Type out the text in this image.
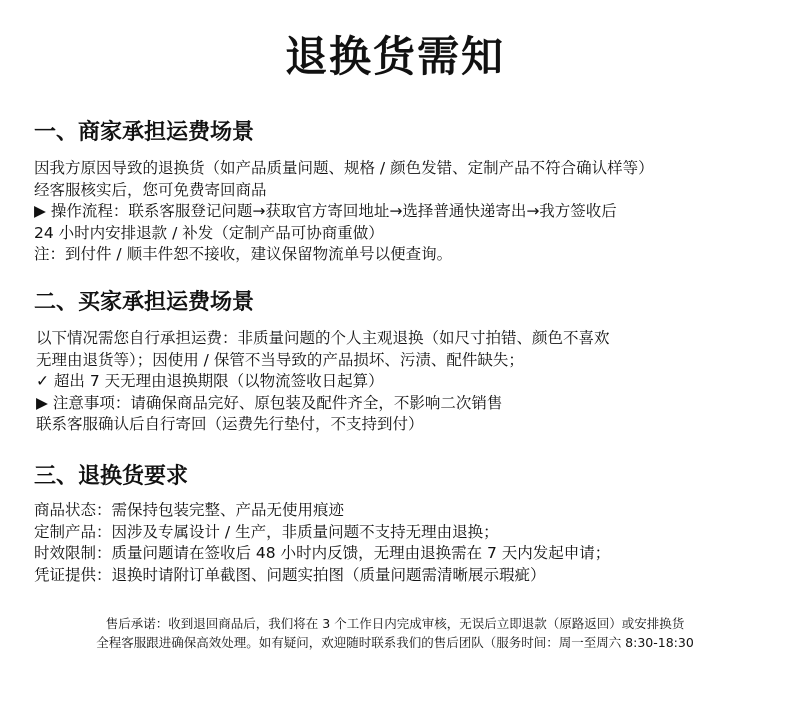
退换货需知
一、商家承担运费场景
因我方原因导致的退换货（如产品质量问题、规格 / 颜色发错、定制产品不符合确认样等）
经客服核实后，您可免费寄回商品
▶ 操作流程：联系客服登记问题→获取官方寄回地址→选择普通快递寄出→我方签收后
24 小时内安排退款 / 补发（定制产品可协商重做）
注：到付件 / 顺丰件恕不接收，建议保留物流单号以便查询。
二、买家承担运费场景
以下情况需您自行承担运费：非质量问题的个人主观退换（如尺寸拍错、颜色不喜欢
无理由退货等）；因使用 / 保管不当导致的产品损坏、污渍、配件缺失；
✓ 超出 7 天无理由退换期限（以物流签收日起算）
▶ 注意事项：请确保商品完好、原包装及配件齐全，不影响二次销售
联系客服确认后自行寄回（运费先行垫付，不支持到付）
三、退换货要求
商品状态：需保持包装完整、产品无使用痕迹
定制产品：因涉及专属设计 / 生产，非质量问题不支持无理由退换；
时效限制：质量问题请在签收后 48 小时内反馈，无理由退换需在 7 天内发起申请；
凭证提供：退换时请附订单截图、问题实拍图（质量问题需清晰展示瑕疵）
售后承诺：收到退回商品后，我们将在 3 个工作日内完成审核，无误后立即退款（原路返回）或安排换货
全程客服跟进确保高效处理。如有疑问，欢迎随时联系我们的售后团队（服务时间：周一至周六 8:30-18:30
